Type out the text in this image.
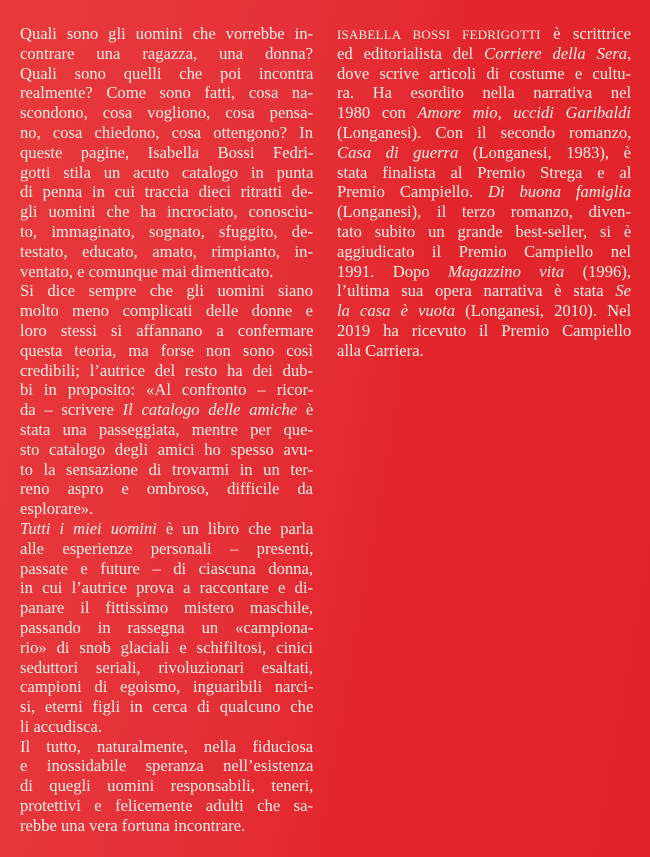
Quali sono gli uomini che vorrebbe in-
contrare una ragazza, una donna?
Quali sono quelli che poi incontra
realmente? Come sono fatti, cosa na-
scondono, cosa vogliono, cosa pensa-
no, cosa chiedono, cosa ottengono? In
queste pagine, Isabella Bossi Fedri-
gotti stila un acuto catalogo in punta
di penna in cui traccia dieci ritratti de-
gli uomini che ha incrociato, conosciu-
to, immaginato, sognato, sfuggito, de-
testato, educato, amato, rimpianto, in-
ventato, e comunque mai dimenticato.
Si dice sempre che gli uomini siano
molto meno complicati delle donne e
loro stessi si affannano a confermare
questa teoria, ma forse non sono così
credibili; l’autrice del resto ha dei dub-
bi in proposito: «Al confronto – ricor-
da – scrivere Il catalogo delle amiche è
stata una passeggiata, mentre per que-
sto catalogo degli amici ho spesso avu-
to la sensazione di trovarmi in un ter-
reno aspro e ombroso, difficile da
esplorare».
Tutti i miei uomini è un libro che parla
alle esperienze personali – presenti,
passate e future – di ciascuna donna,
in cui l’autrice prova a raccontare e di-
panare il fittissimo mistero maschile,
passando in rassegna un «campiona-
rio» di snob glaciali e schifiltosi, cinici
seduttori seriali, rivoluzionari esaltati,
campioni di egoismo, inguaribili narci-
si, eterni figli in cerca di qualcuno che
li accudisca.
Il tutto, naturalmente, nella fiduciosa
e inossidabile speranza nell’esistenza
di quegli uomini responsabili, teneri,
protettivi e felicemente adulti che sa-
rebbe una vera fortuna incontrare.
ISABELLA BOSSI FEDRIGOTTI è scrittrice
ed editorialista del Corriere della Sera,
dove scrive articoli di costume e cultu-
ra. Ha esordito nella narrativa nel
1980 con Amore mio, uccidi Garibaldi
(Longanesi). Con il secondo romanzo,
Casa di guerra (Longanesi, 1983), è
stata finalista al Premio Strega e al
Premio Campiello. Di buona famiglia
(Longanesi), il terzo romanzo, diven-
tato subito un grande best-seller, si è
aggiudicato il Premio Campiello nel
1991. Dopo Magazzino vita (1996),
l’ultima sua opera narrativa è stata Se
la casa è vuota (Longanesi, 2010). Nel
2019 ha ricevuto il Premio Campiello
alla Carriera.
